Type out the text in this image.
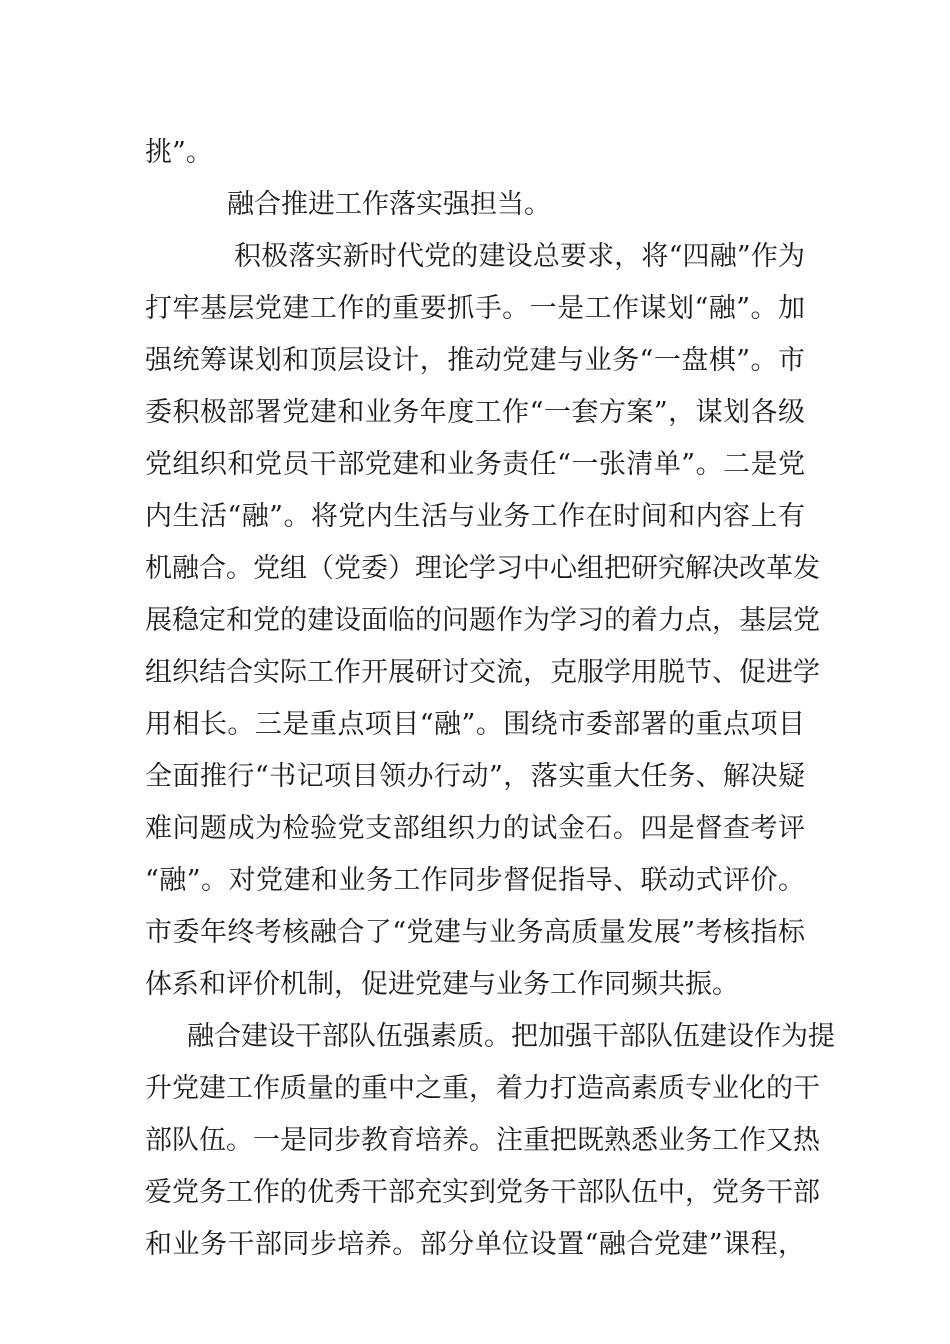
挑”。
融合推进工作落实强担当。
积极落实新时代党的建设总要求，将“四融”作为
打牢基层党建工作的重要抓手。一是工作谋划“融”。加
强统筹谋划和顶层设计，推动党建与业务“一盘棋”。市
委积极部署党建和业务年度工作“一套方案”，谋划各级
党组织和党员干部党建和业务责任“一张清单”。二是党
内生活“融”。将党内生活与业务工作在时间和内容上有
机融合。党组（党委）理论学习中心组把研究解决改革发
展稳定和党的建设面临的问题作为学习的着力点，基层党
组织结合实际工作开展研讨交流，克服学用脱节、促进学
用相长。三是重点项目“融”。围绕市委部署的重点项目
全面推行“书记项目领办行动”，落实重大任务、解决疑
难问题成为检验党支部组织力的试金石。四是督查考评
“融”。对党建和业务工作同步督促指导、联动式评价。
市委年终考核融合了“党建与业务高质量发展”考核指标
体系和评价机制，促进党建与业务工作同频共振。
融合建设干部队伍强素质。把加强干部队伍建设作为提
升党建工作质量的重中之重，着力打造高素质专业化的干
部队伍。一是同步教育培养。注重把既熟悉业务工作又热
爱党务工作的优秀干部充实到党务干部队伍中，党务干部
和业务干部同步培养。部分单位设置“融合党建”课程，
